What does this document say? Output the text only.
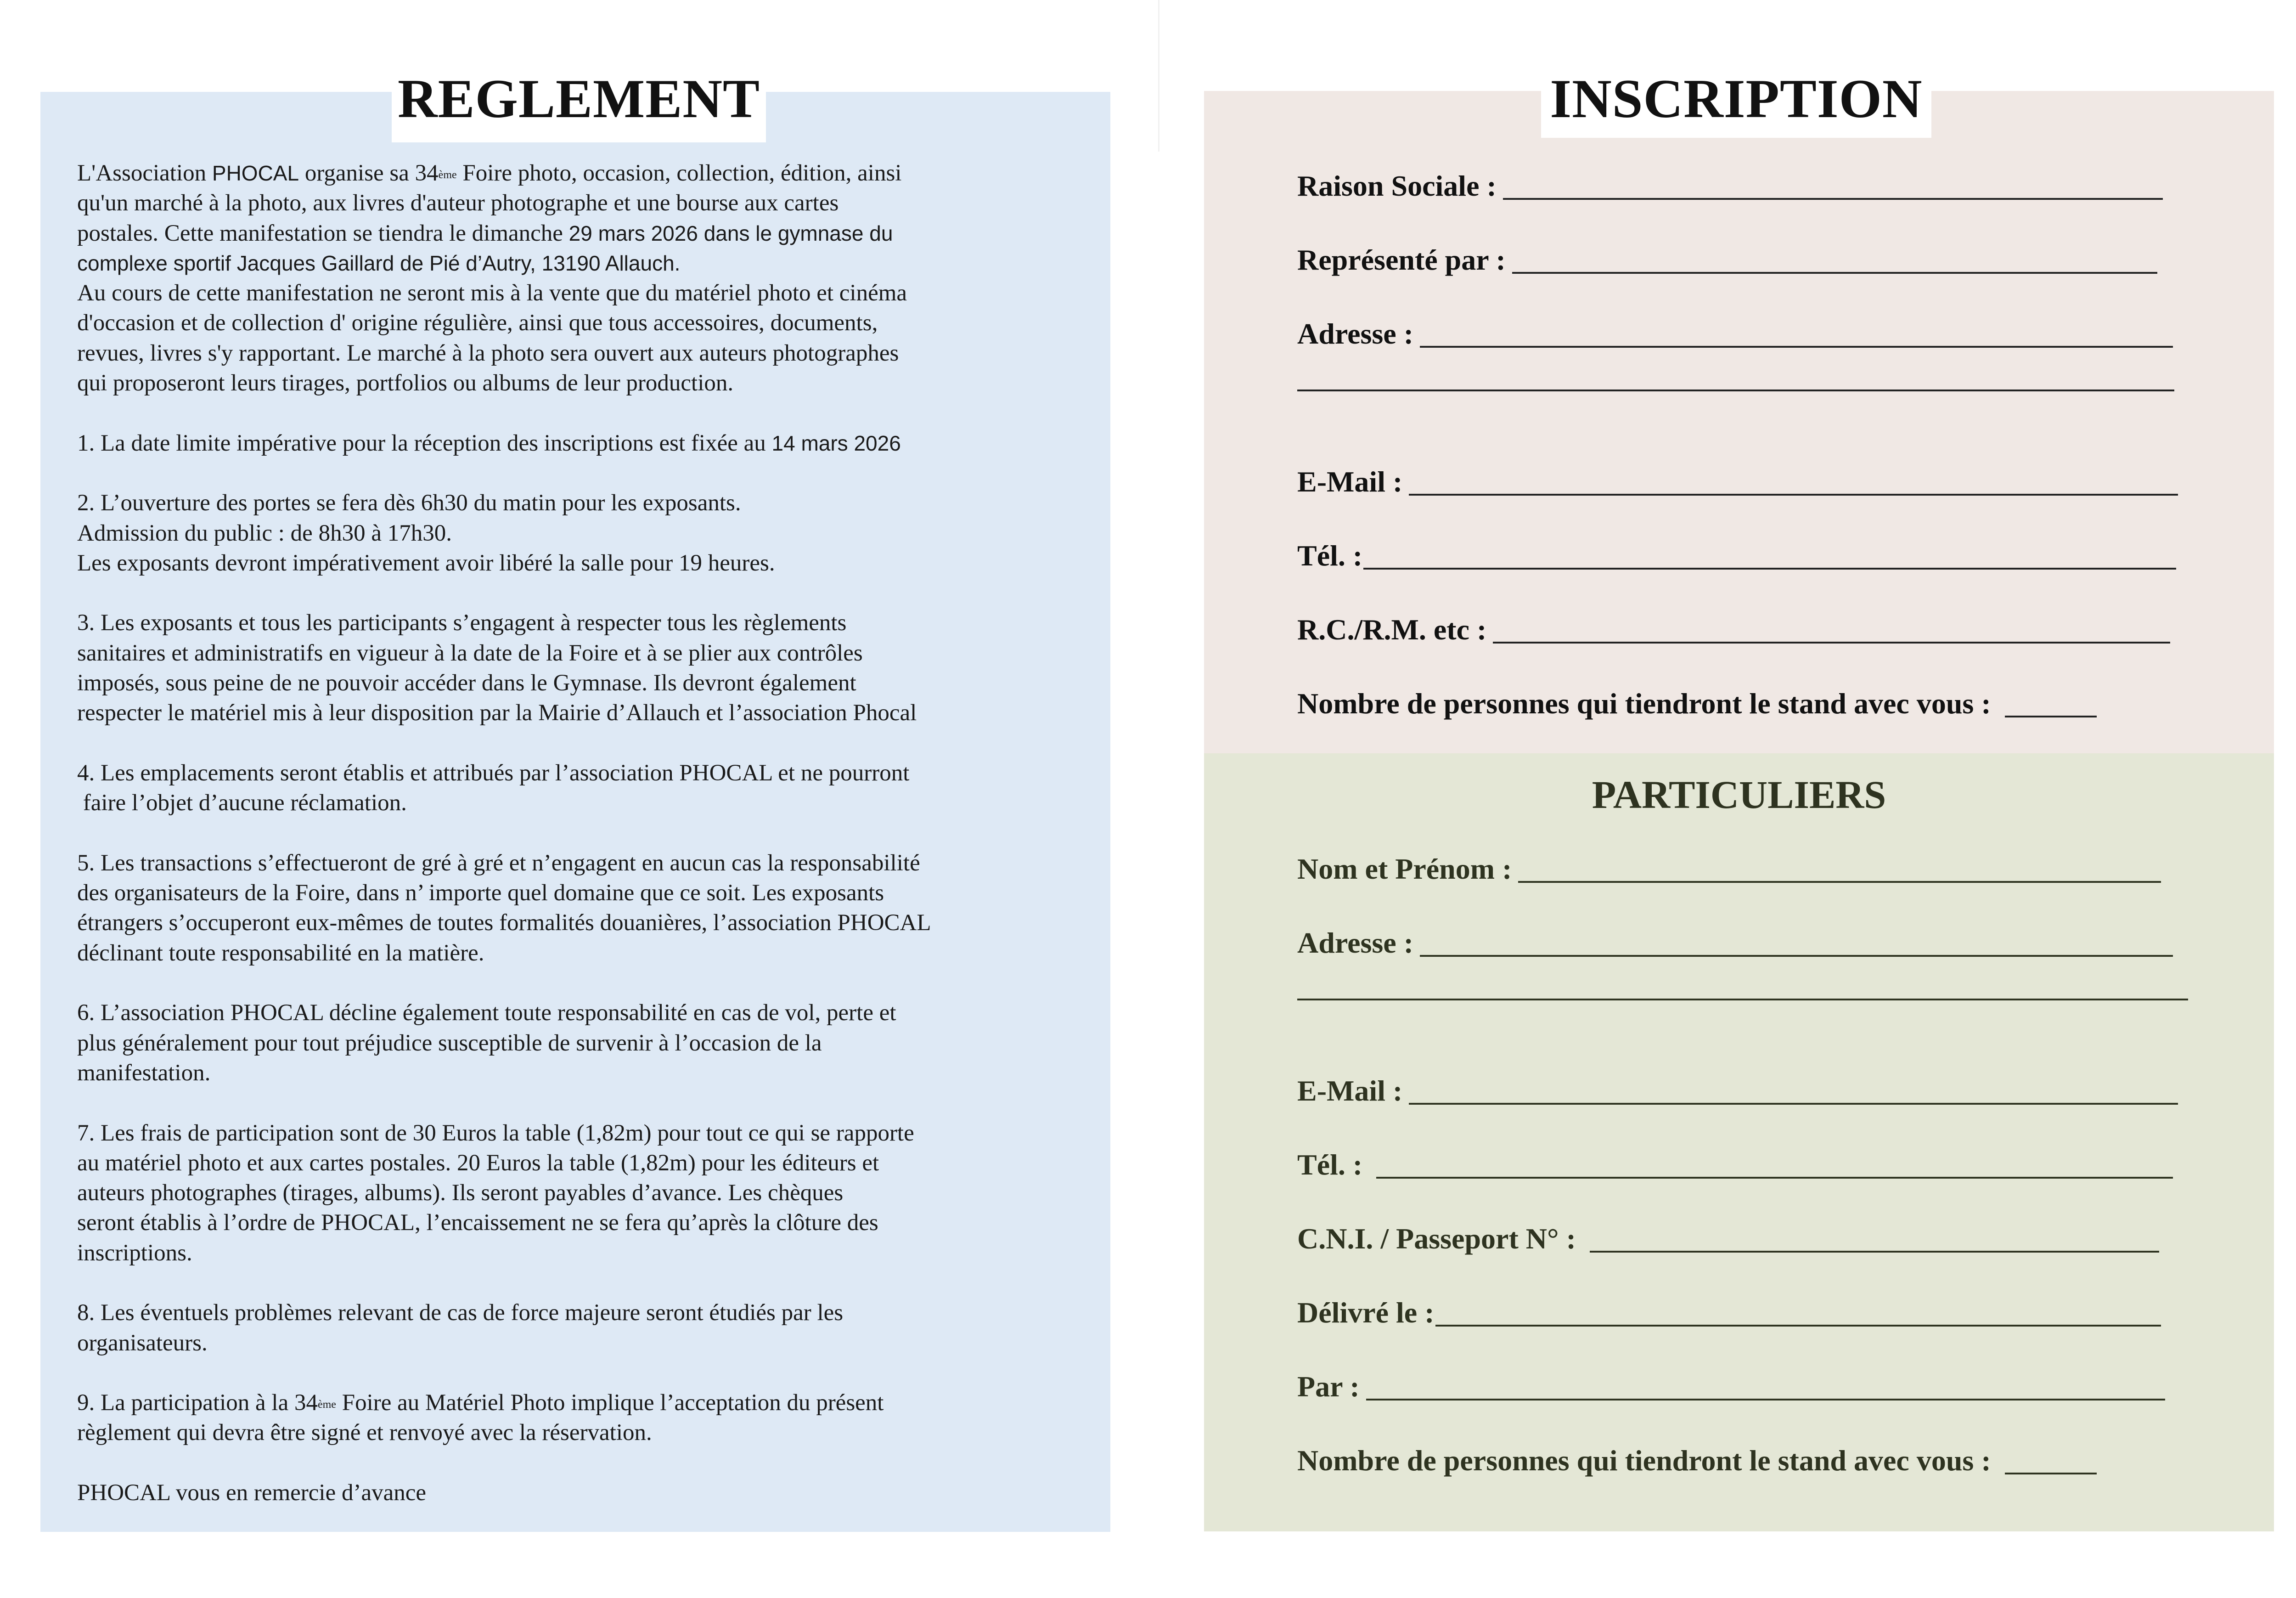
REGLEMENT

L'Association PHOCAL organise sa 34ème Foire photo, occasion, collection, édition, ainsi

qu'un marché à la photo, aux livres d'auteur photographe et une bourse aux cartes

postales. Cette manifestation se tiendra le dimanche 29 mars 2026 dans le gymnase du

complexe sportif Jacques Gaillard de Pié d’Autry, 13190 Allauch.

Au cours de cette manifestation ne seront mis à la vente que du matériel photo et cinéma

d'occasion et de collection d' origine régulière, ainsi que tous accessoires, documents,

revues, livres s'y rapportant. Le marché à la photo sera ouvert aux auteurs photographes

qui proposeront leurs tirages, portfolios ou albums de leur production.

1. La date limite impérative pour la réception des inscriptions est fixée au 14 mars 2026

2. L’ouverture des portes se fera dès 6h30 du matin pour les exposants.

Admission du public : de 8h30 à 17h30.

Les exposants devront impérativement avoir libéré la salle pour 19 heures.

3. Les exposants et tous les participants s’engagent à respecter tous les règlements

sanitaires et administratifs en vigueur à la date de la Foire et à se plier aux contrôles

imposés, sous peine de ne pouvoir accéder dans le Gymnase. Ils devront également

respecter le matériel mis à leur disposition par la Mairie d’Allauch et l’association Phocal

4. Les emplacements seront établis et attribués par l’association PHOCAL et ne pourront

faire l’objet d’aucune réclamation.

5. Les transactions s’effectueront de gré à gré et n’engagent en aucun cas la responsabilité

des organisateurs de la Foire, dans n’ importe quel domaine que ce soit. Les exposants

étrangers s’occuperont eux-mêmes de toutes formalités douanières, l’association PHOCAL

déclinant toute responsabilité en la matière.

6. L’association PHOCAL décline également toute responsabilité en cas de vol, perte et

plus généralement pour tout préjudice susceptible de survenir à l’occasion de la

manifestation.

7. Les frais de participation sont de 30 Euros la table (1,82m) pour tout ce qui se rapporte

au matériel photo et aux cartes postales. 20 Euros la table (1,82m) pour les éditeurs et

auteurs photographes (tirages, albums). Ils seront payables d’avance. Les chèques

seront établis à l’ordre de PHOCAL, l’encaissement ne se fera qu’après la clôture des

inscriptions.

8. Les éventuels problèmes relevant de cas de force majeure seront étudiés par les

organisateurs.

9. La participation à la 34ème Foire au Matériel Photo implique l’acceptation du présent

règlement qui devra être signé et renvoyé avec la réservation.

PHOCAL vous en remercie d’avance

INSCRIPTION
Raison Sociale :
Représenté par :
Adresse :
E-Mail :
Tél. :
R.C./R.M. etc :
Nombre de personnes qui tiendront le stand avec vous :
PARTICULIERS
Nom et Prénom :
Adresse :
E-Mail :
Tél. :
C.N.I. / Passeport N° :
Délivré le :
Par :
Nombre de personnes qui tiendront le stand avec vous :
